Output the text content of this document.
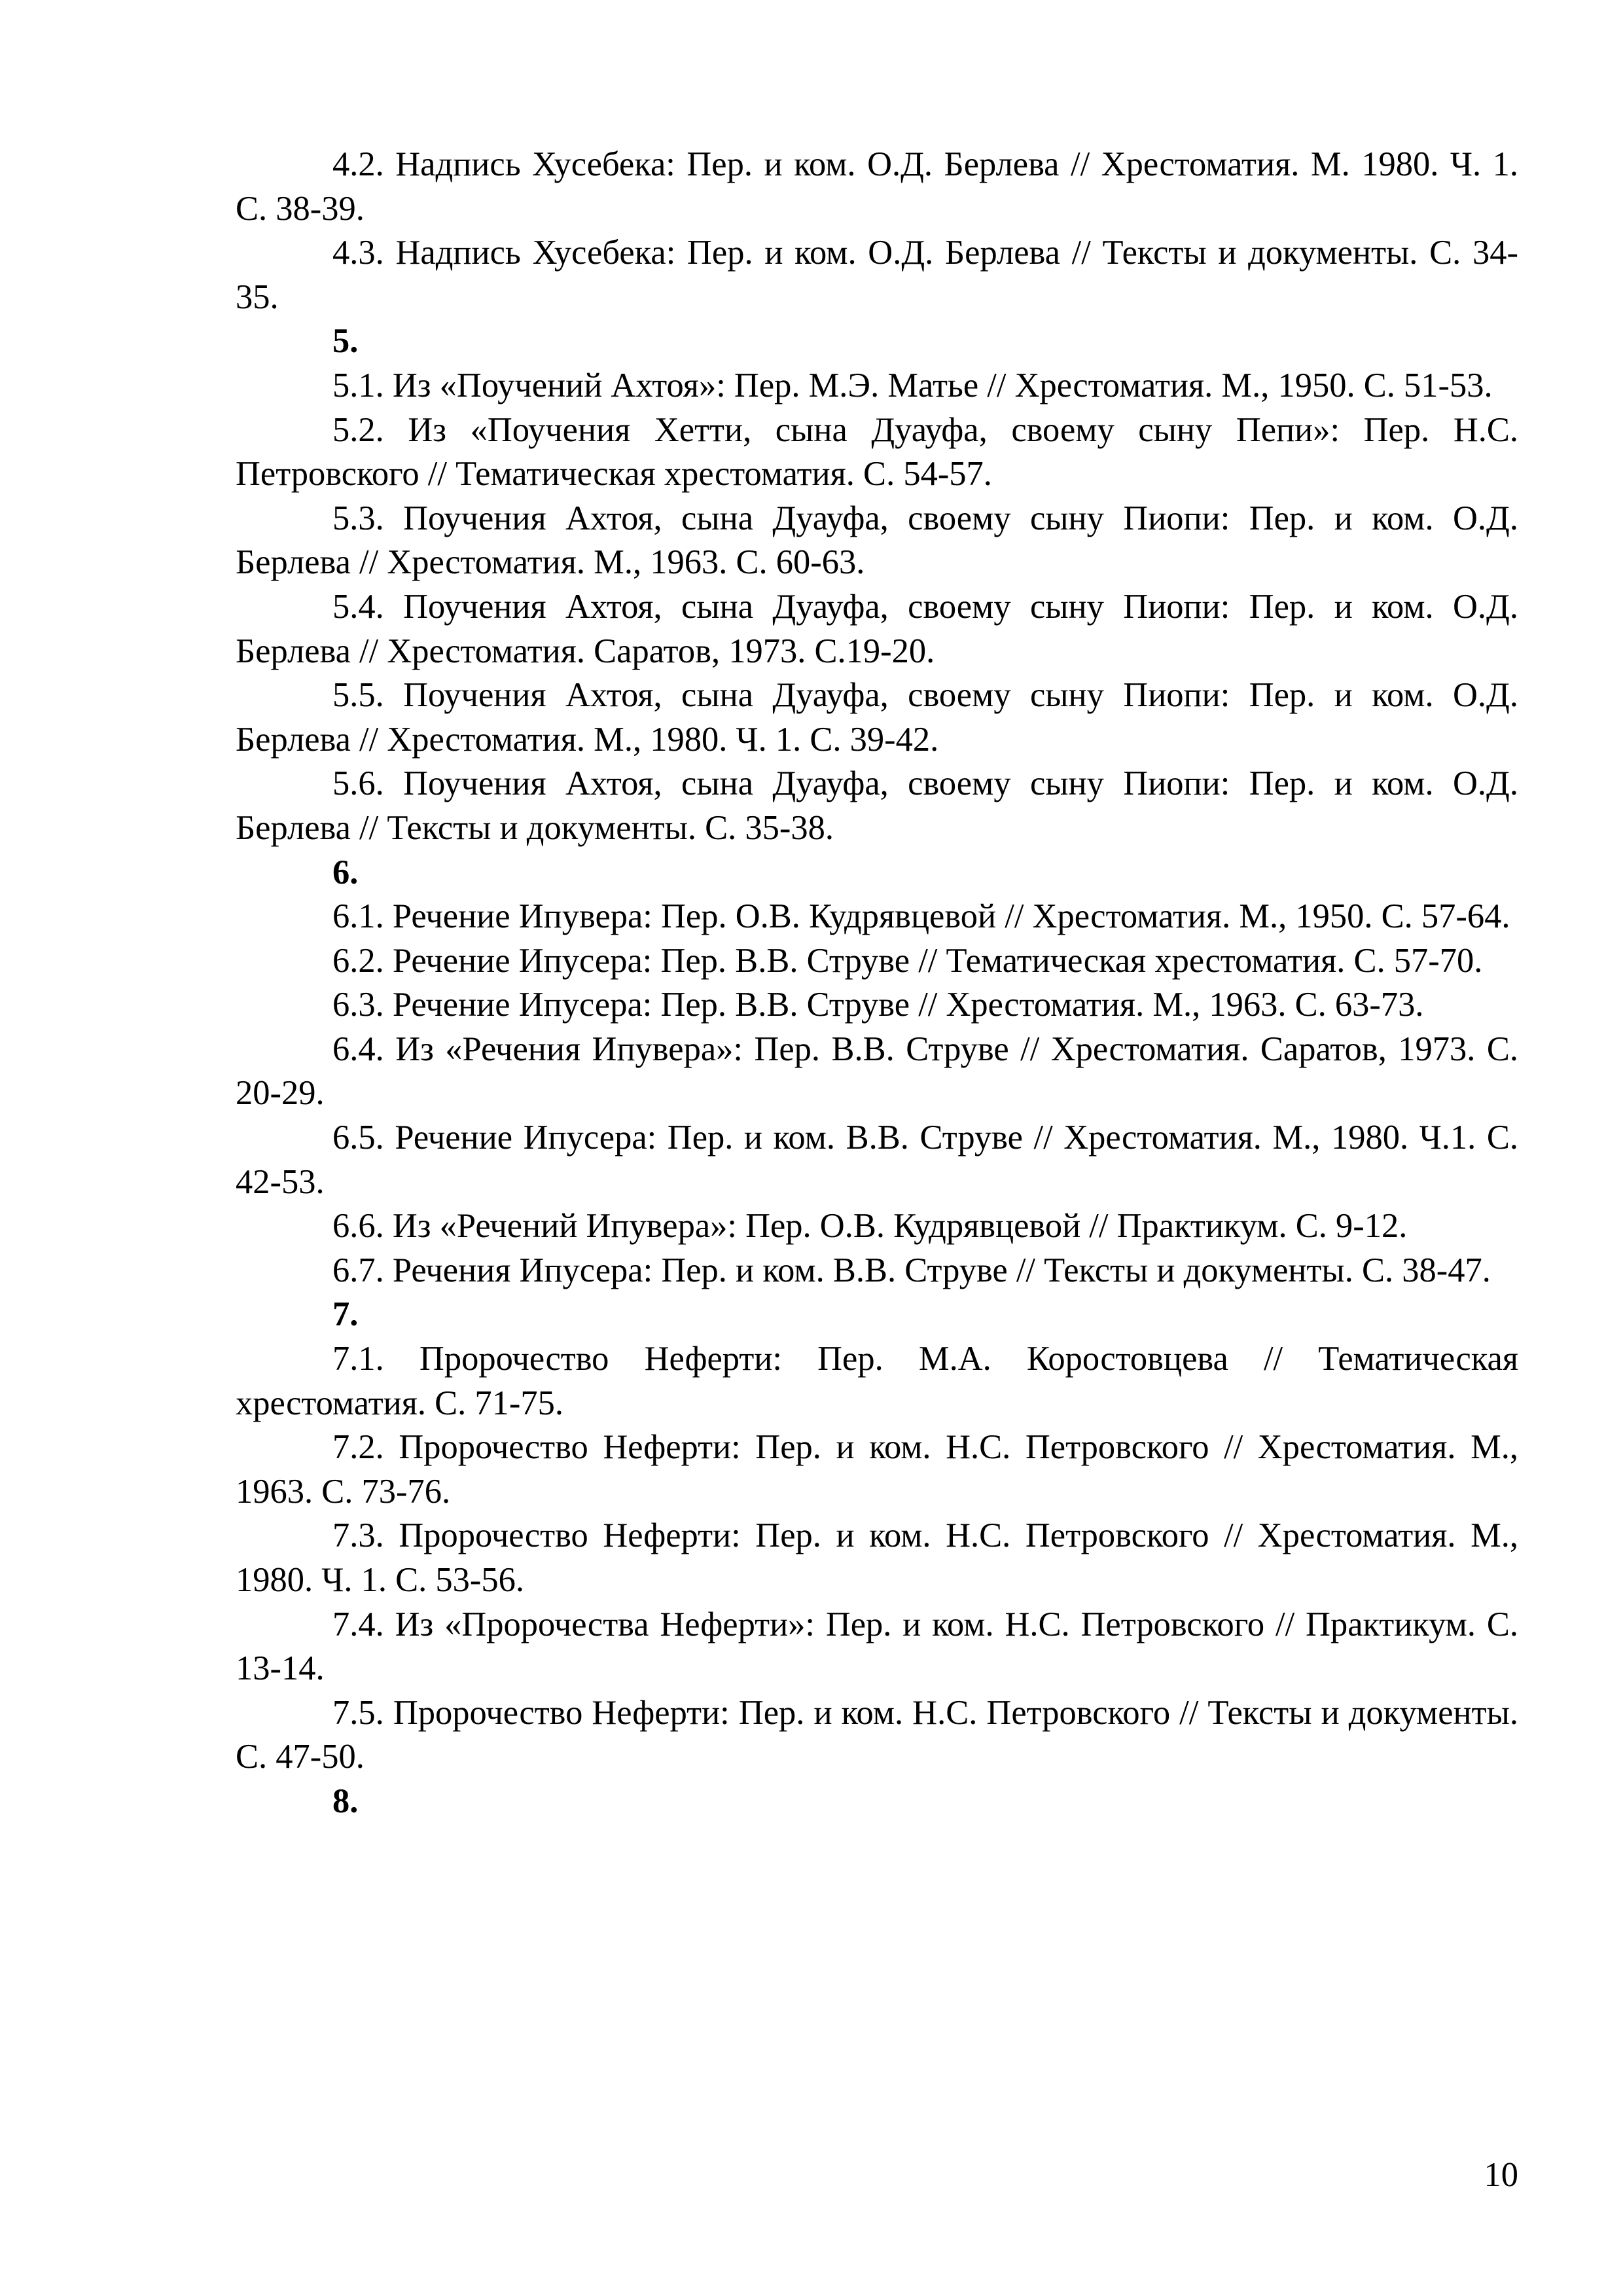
4.2. Надпись Хусебека: Пер. и ком. О.Д. Берлева // Хрестоматия. М. 1980. Ч. 1. С. 38-39.

4.3. Надпись Хусебека: Пер. и ком. О.Д. Берлева // Тексты и документы. С. 34-35.

5.

5.1. Из «Поучений Ахтоя»: Пер. М.Э. Матье // Хрестоматия. М., 1950. С. 51-53.

5.2. Из «Поучения Хетти, сына Дуауфа, своему сыну Пепи»: Пер. Н.С. Петровского // Тематическая хрестоматия. С. 54-57.

5.3. Поучения Ахтоя, сына Дуауфа, своему сыну Пиопи: Пер. и ком. О.Д. Берлева // Хрестоматия. М., 1963. С. 60-63.

5.4. Поучения Ахтоя, сына Дуауфа, своему сыну Пиопи: Пер. и ком. О.Д. Берлева // Хрестоматия. Саратов, 1973. С.19-20.

5.5. Поучения Ахтоя, сына Дуауфа, своему сыну Пиопи: Пер. и ком. О.Д. Берлева // Хрестоматия. М., 1980. Ч. 1. С. 39-42.

5.6. Поучения Ахтоя, сына Дуауфа, своему сыну Пиопи: Пер. и ком. О.Д. Берлева // Тексты и документы. С. 35-38.

6.

6.1. Речение Ипувера: Пер. О.В. Кудрявцевой // Хрестоматия. М., 1950. С. 57-64.

6.2. Речение Ипусера: Пер. В.В. Струве // Тематическая хрестоматия. С. 57-70.

6.3. Речение Ипусера: Пер. В.В. Струве // Хрестоматия. М., 1963. С. 63-73.

6.4. Из «Речения Ипувера»: Пер. В.В. Струве // Хрестоматия. Саратов, 1973. С. 20-29.

6.5. Речение Ипусера: Пер. и ком. В.В. Струве // Хрестоматия. М., 1980. Ч.1. С. 42-53.

6.6. Из «Речений Ипувера»: Пер. О.В. Кудрявцевой // Практикум. С. 9-12.

6.7. Речения Ипусера: Пер. и ком. В.В. Струве // Тексты и документы. С. 38-47.

7.

7.1. Пророчество Неферти: Пер. М.А. Коростовцева // Тематическая хрестоматия. С. 71-75.

7.2. Пророчество Неферти: Пер. и ком. Н.С. Петровского // Хрестоматия. М., 1963. С. 73-76.

7.3. Пророчество Неферти: Пер. и ком. Н.С. Петровского // Хрестоматия. М., 1980. Ч. 1. С. 53-56.

7.4. Из «Пророчества Неферти»: Пер. и ком. Н.С. Петровского // Практикум. С. 13-14.

7.5. Пророчество Неферти: Пер. и ком. Н.С. Петровского // Тексты и документы. С. 47-50.

8.

10
